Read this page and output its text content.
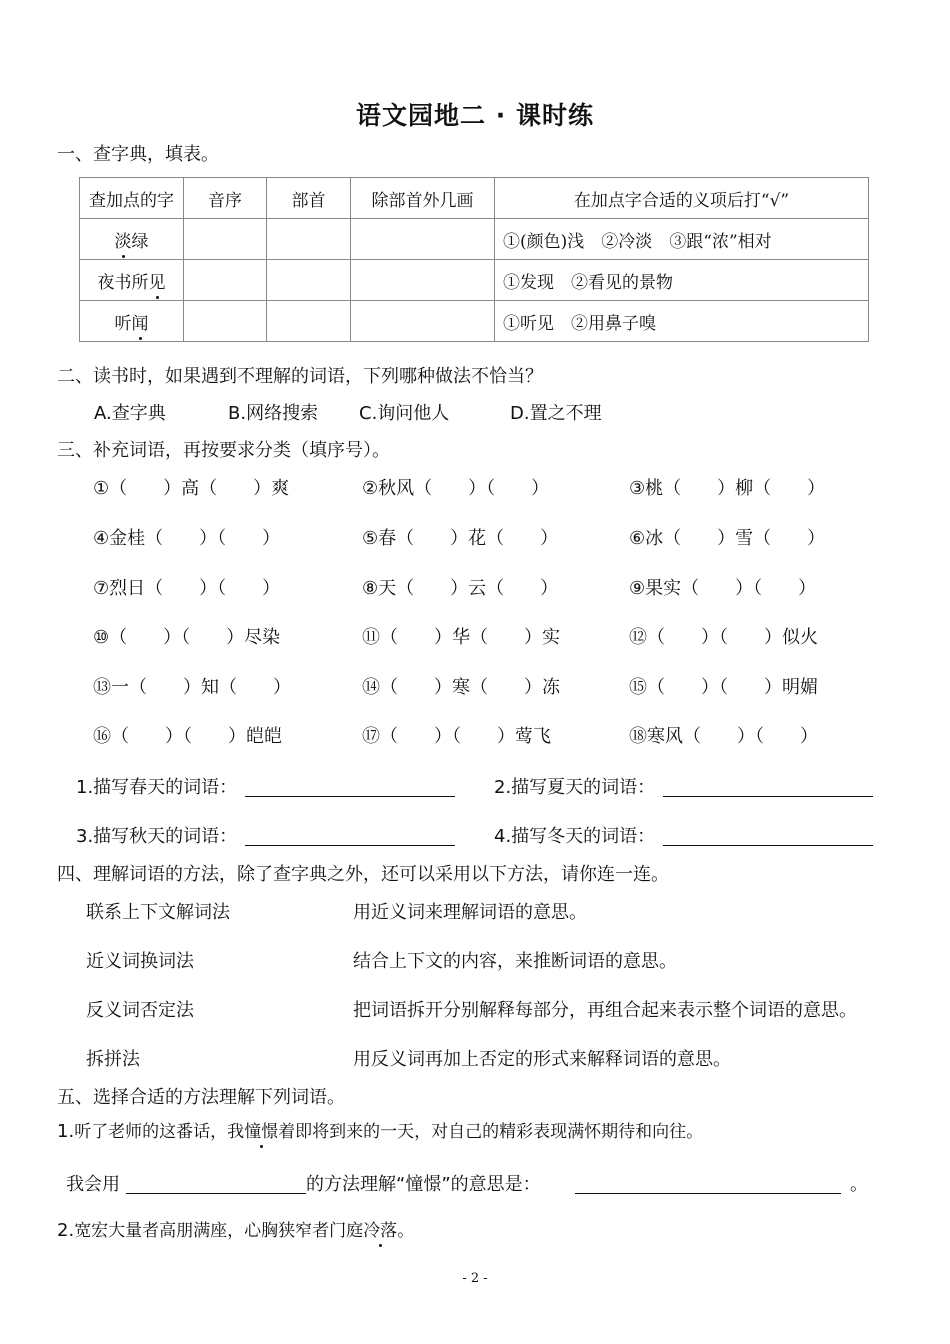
语文园地二 · 课时练
一、查字典，填表。
查加点的字	音序	部首	除部首外几画	在加点字合适的义项后打“√”
淡绿				①(颜色)浅　②冷淡　③跟“浓”相对
夜书所见				①发现　②看见的景物
听闻				①听见　②用鼻子嗅
二、读书时，如果遇到不理解的词语，下列哪种做法不恰当？
A.查字典	B.网络搜索 C.询问他人	D.置之不理
三、补充词语，再按要求分类（填序号）。
①（　　）高（　　）爽	②秋风（　　）（　　）	③桃（　　）柳（　　）
④金桂（　　）（　　）	⑤春（　　）花（　　）	⑥冰（　　）雪（　　）
⑦烈日（　　）（　　）	⑧天（　　）云（　　）	⑨果实（　　）（　　）
⑩（　　）（　　）尽染	⑪（　　）华（　　）实	⑫（　　）（　　）似火
⑬一（　　）知（　　）	⑭（　　）寒（　　）冻	⑮（　　）（　　）明媚
⑯（　　）（　　）皑皑	⑰（　　）（　　）莺飞	⑱寒风（　　）（　　）
1.描写春天的词语：	2.描写夏天的词语：
3.描写秋天的词语：	4.描写冬天的词语：
四、理解词语的方法，除了查字典之外，还可以采用以下方法，请你连一连。
联系上下文解词法	用近义词来理解词语的意思。
近义词换词法	结合上下文的内容，来推断词语的意思。
反义词否定法	把词语拆开分别解释每部分，再组合起来表示整个词语的意思。
拆拼法	用反义词再加上否定的形式来解释词语的意思。
五、选择合适的方法理解下列词语。
1.听了老师的这番话，我憧憬着即将到来的一天，对自己的精彩表现满怀期待和向往。
我会用	的方法理解“憧憬”的意思是：	。
2.宽宏大量者高朋满座，心胸狭窄者门庭冷落。
- 2 -
